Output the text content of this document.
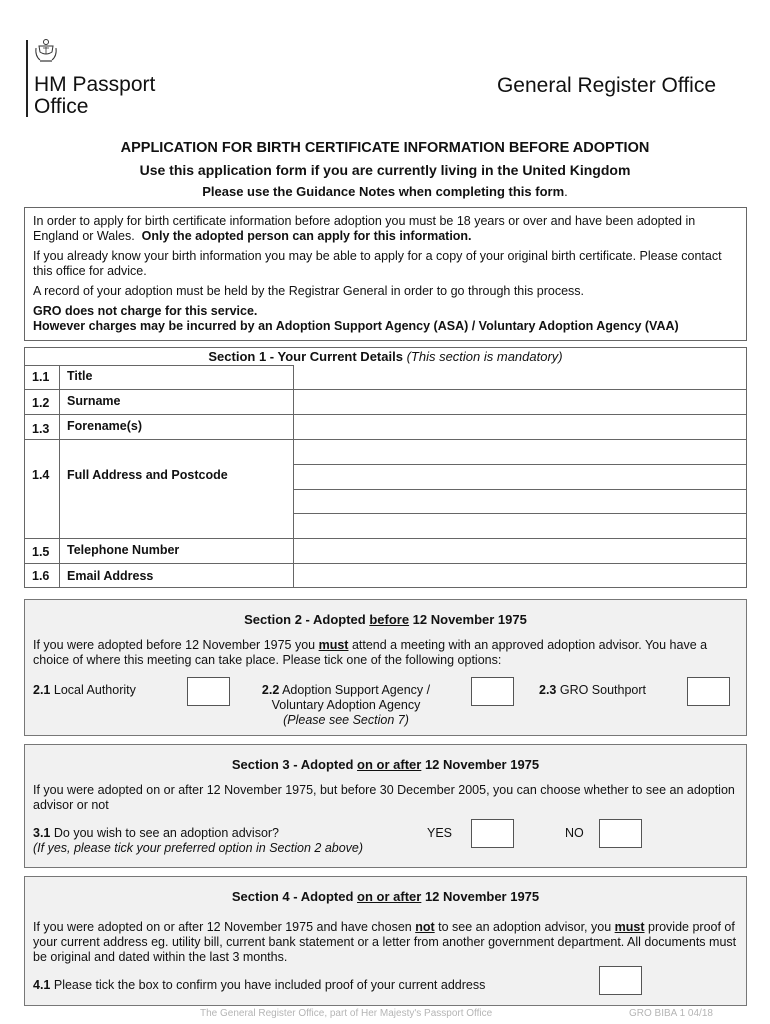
HM Passport
Office
General Register Office
APPLICATION FOR BIRTH CERTIFICATE INFORMATION BEFORE ADOPTION
Use this application form if you are currently living in the United Kingdom
Please use the Guidance Notes when completing this form.

In order to apply for birth certificate information before adoption you must be 18 years or over and have been adopted in England or Wales. Only the adopted person can apply for this information.

If you already know your birth information you may be able to apply for a copy of your original birth certificate. Please contact this office for advice.

A record of your adoption must be held by the Registrar General in order to go through this process.

GRO does not charge for this service.

However charges may be incurred by an Adoption Support Agency (ASA) / Voluntary Adoption Agency (VAA)

Section 1 - Your Current Details (This section is mandatory)
1.1 Title
1.2 Surname
1.3 Forename(s)
1.4 Full Address and Postcode
1.5 Telephone Number
1.6 Email Address
Section 2 - Adopted before 12 November 1975

If you were adopted before 12 November 1975 you must attend a meeting with an approved adoption advisor. You have a choice of where this meeting can take place. Please tick one of the following options:

2.1 Local Authority	2.2 Adoption Support Agency /
Voluntary Adoption Agency
(Please see Section 7)
2.3 GRO Southport
Section 3 - Adopted on or after 12 November 1975

If you were adopted on or after 12 November 1975, but before 30 December 2005, you can choose whether to see an adoption advisor or not

3.1 Do you wish to see an adoption advisor?
(If yes, please tick your preferred option in Section 2 above)
YES	NO
Section 4 - Adopted on or after 12 November 1975

If you were adopted on or after 12 November 1975 and have chosen not to see an adoption advisor, you must provide proof of your current address eg. utility bill, current bank statement or a letter from another government department. All documents must be original and dated within the last 3 months.

4.1 Please tick the box to confirm you have included proof of your current address
The General Register Office, part of Her Majesty's Passport Office	GRO BIBA 1 04/18
